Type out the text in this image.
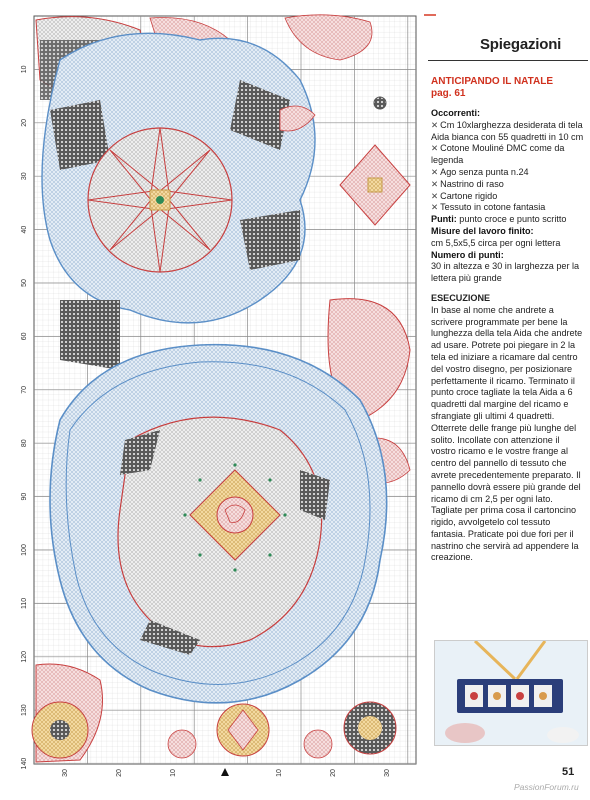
10
20
30
40
50
60
70
80
90
100
110
120
130
140
30	20	10	10	20	30
Spiegazioni
ANTICIPANDO IL NATALE
pag. 61
Occorrenti:
✕ Cm 10xlarghezza desiderata di tela Aida bianca con 55 quadretti in 10 cm
✕ Cotone Mouliné DMC come da legenda
✕ Ago senza punta n.24
✕ Nastrino di raso
✕ Cartone rigido
✕ Tessuto in cotone fantasia
Punti: punto croce e punto scritto
Misure del lavoro finito:
cm 5,5x5,5 circa per ogni lettera
Numero di punti:
30 in altezza e 30 in larghezza per la lettera più grande
ESECUZIONE
In base al nome che andrete a scrivere programmate per bene la lunghezza della tela Aida che andrete ad usare. Potrete poi piegare in 2 la tela ed iniziare a ricamare dal centro del vostro disegno, per posizionare perfettamente il ricamo. Terminato il punto croce tagliate la tela Aida a 6 quadretti dal margine del ricamo e sfrangiate gli ultimi 4 quadretti. Otterrete delle frange più lunghe del solito. Incollate con attenzione il vostro ricamo e le vostre frange al centro del pannello di tessuto che avrete precedentemente preparato. Il pannello dovrà essere più grande del ricamo di cm 2,5 per ogni lato. Tagliate per prima cosa il cartoncino rigido, avvolgetelo col tessuto fantasia. Praticate poi due fori per il nastrino che servirà ad appendere la creazione.
51
PassionForum.ru
